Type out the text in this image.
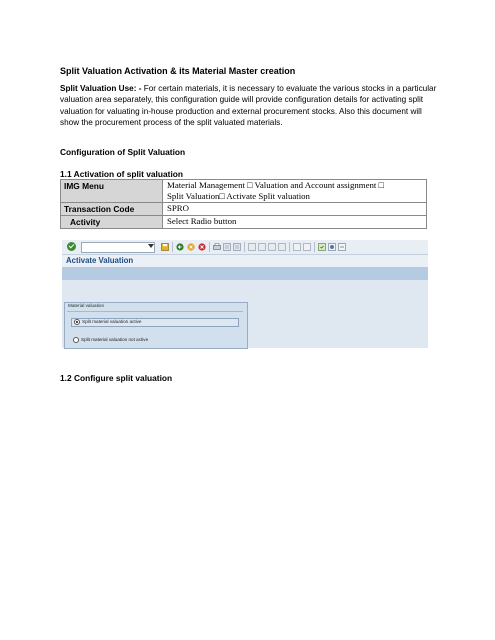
Split Valuation Activation & its Material Master creation
Split Valuation Use: - For certain materials, it is necessary to evaluate the various stocks in a particular valuation area separately, this configuration guide will provide configuration details for activating split valuation for valuating in-house production and external procurement stocks. Also this document will show the procurement process of the split valuated materials.
Configuration of Split Valuation
1.1 Activation of split valuation
IMG Menu	Material Management □ Valuation and Account assignment □
Split Valuation□ Activate Split valuation

Transaction Code	SPRO
Activity	Select Radio button
Activate Valuation
Material valuation
Split material valuation active
Split material valuation not active
1.2 Configure split valuation
